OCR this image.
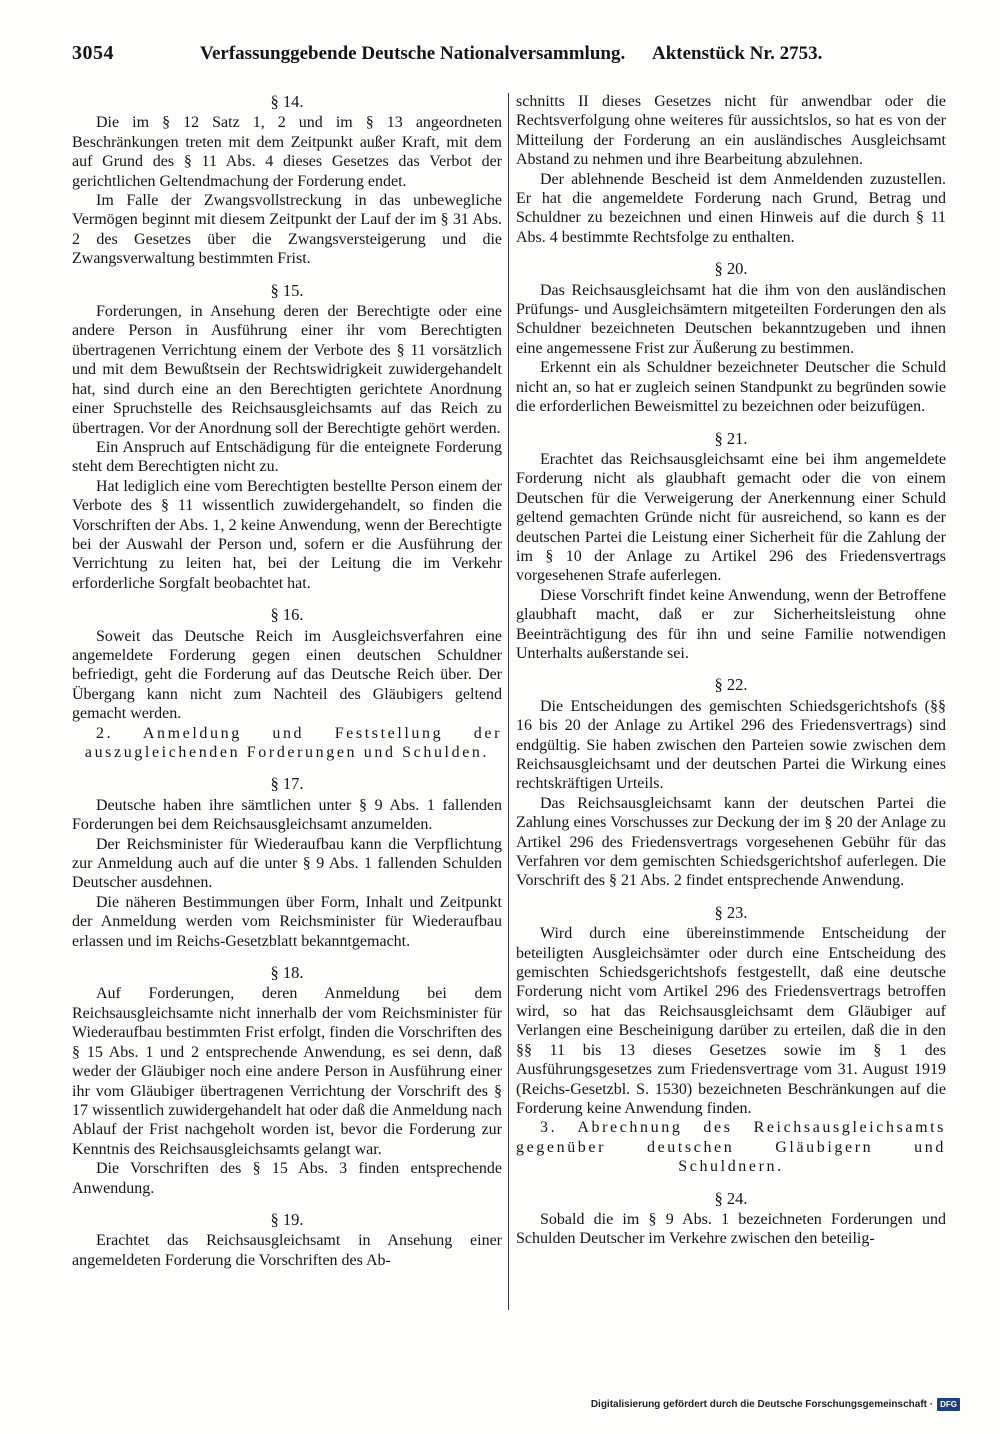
3054	Verfassunggebende Deutsche Nationalversammlung. Aktenstück Nr. 2753.
§ 14.

Die im § 12 Satz 1, 2 und im § 13 angeordneten Beschränkungen treten mit dem Zeitpunkt außer Kraft, mit dem auf Grund des § 11 Abs. 4 dieses Gesetzes das Verbot der gerichtlichen Geltendmachung der Forderung endet.

Im Falle der Zwangsvollstreckung in das unbewegliche Vermögen beginnt mit diesem Zeitpunkt der Lauf der im § 31 Abs. 2 des Gesetzes über die Zwangsversteigerung und die Zwangsverwaltung bestimmten Frist.

§ 15.

Forderungen, in Ansehung deren der Berechtigte oder eine andere Person in Ausführung einer ihr vom Berechtigten übertragenen Verrichtung einem der Verbote des § 11 vorsätzlich und mit dem Bewußtsein der Rechtswidrigkeit zuwidergehandelt hat, sind durch eine an den Berechtigten gerichtete Anordnung einer Spruchstelle des Reichsausgleichsamts auf das Reich zu übertragen. Vor der Anordnung soll der Berechtigte gehört werden.

Ein Anspruch auf Entschädigung für die enteignete Forderung steht dem Berechtigten nicht zu.

Hat lediglich eine vom Berechtigten bestellte Person einem der Verbote des § 11 wissentlich zuwidergehandelt, so finden die Vorschriften der Abs. 1, 2 keine Anwendung, wenn der Berechtigte bei der Auswahl der Person und, sofern er die Ausführung der Verrichtung zu leiten hat, bei der Leitung die im Verkehr erforderliche Sorgfalt beobachtet hat.

§ 16.

Soweit das Deutsche Reich im Ausgleichsverfahren eine angemeldete Forderung gegen einen deutschen Schuldner befriedigt, geht die Forderung auf das Deutsche Reich über. Der Übergang kann nicht zum Nachteil des Gläubigers geltend gemacht werden.

2. Anmeldung und Feststellung der auszugleichenden Forderungen und Schulden.

§ 17.

Deutsche haben ihre sämtlichen unter § 9 Abs. 1 fallenden Forderungen bei dem Reichsausgleichsamt anzumelden.

Der Reichsminister für Wiederaufbau kann die Verpflichtung zur Anmeldung auch auf die unter § 9 Abs. 1 fallenden Schulden Deutscher ausdehnen.

Die näheren Bestimmungen über Form, Inhalt und Zeitpunkt der Anmeldung werden vom Reichsminister für Wiederaufbau erlassen und im Reichs-Gesetzblatt bekanntgemacht.

§ 18.

Auf Forderungen, deren Anmeldung bei dem Reichsausgleichsamte nicht innerhalb der vom Reichsminister für Wiederaufbau bestimmten Frist erfolgt, finden die Vorschriften des § 15 Abs. 1 und 2 entsprechende Anwendung, es sei denn, daß weder der Gläubiger noch eine andere Person in Ausführung einer ihr vom Gläubiger übertragenen Verrichtung der Vorschrift des § 17 wissentlich zuwidergehandelt hat oder daß die Anmeldung nach Ablauf der Frist nachgeholt worden ist, bevor die Forderung zur Kenntnis des Reichsausgleichsamts gelangt war.

Die Vorschriften des § 15 Abs. 3 finden entsprechende Anwendung.

§ 19.

Erachtet das Reichsausgleichsamt in Ansehung einer angemeldeten Forderung die Vorschriften des Ab-

schnitts II dieses Gesetzes nicht für anwendbar oder die Rechtsverfolgung ohne weiteres für aussichtslos, so hat es von der Mitteilung der Forderung an ein ausländisches Ausgleichsamt Abstand zu nehmen und ihre Bearbeitung abzulehnen.

Der ablehnende Bescheid ist dem Anmeldenden zuzustellen. Er hat die angemeldete Forderung nach Grund, Betrag und Schuldner zu bezeichnen und einen Hinweis auf die durch § 11 Abs. 4 bestimmte Rechtsfolge zu enthalten.

§ 20.

Das Reichsausgleichsamt hat die ihm von den ausländischen Prüfungs- und Ausgleichsämtern mitgeteilten Forderungen den als Schuldner bezeichneten Deutschen bekanntzugeben und ihnen eine angemessene Frist zur Äußerung zu bestimmen.

Erkennt ein als Schuldner bezeichneter Deutscher die Schuld nicht an, so hat er zugleich seinen Standpunkt zu begründen sowie die erforderlichen Beweismittel zu bezeichnen oder beizufügen.

§ 21.

Erachtet das Reichsausgleichsamt eine bei ihm angemeldete Forderung nicht als glaubhaft gemacht oder die von einem Deutschen für die Verweigerung der Anerkennung einer Schuld geltend gemachten Gründe nicht für ausreichend, so kann es der deutschen Partei die Leistung einer Sicherheit für die Zahlung der im § 10 der Anlage zu Artikel 296 des Friedensvertrags vorgesehenen Strafe auferlegen.

Diese Vorschrift findet keine Anwendung, wenn der Betroffene glaubhaft macht, daß er zur Sicherheitsleistung ohne Beeinträchtigung des für ihn und seine Familie notwendigen Unterhalts außerstande sei.

§ 22.

Die Entscheidungen des gemischten Schiedsgerichtshofs (§§ 16 bis 20 der Anlage zu Artikel 296 des Friedensvertrags) sind endgültig. Sie haben zwischen den Parteien sowie zwischen dem Reichsausgleichsamt und der deutschen Partei die Wirkung eines rechtskräftigen Urteils.

Das Reichsausgleichsamt kann der deutschen Partei die Zahlung eines Vorschusses zur Deckung der im § 20 der Anlage zu Artikel 296 des Friedensvertrags vorgesehenen Gebühr für das Verfahren vor dem gemischten Schiedsgerichtshof auferlegen. Die Vorschrift des § 21 Abs. 2 findet entsprechende Anwendung.

§ 23.

Wird durch eine übereinstimmende Entscheidung der beteiligten Ausgleichsämter oder durch eine Entscheidung des gemischten Schiedsgerichtshofs festgestellt, daß eine deutsche Forderung nicht vom Artikel 296 des Friedensvertrags betroffen wird, so hat das Reichsausgleichsamt dem Gläubiger auf Verlangen eine Bescheinigung darüber zu erteilen, daß die in den §§ 11 bis 13 dieses Gesetzes sowie im § 1 des Ausführungsgesetzes zum Friedensvertrage vom 31. August 1919 (Reichs-Gesetzbl. S. 1530) bezeichneten Beschränkungen auf die Forderung keine Anwendung finden.

3. Abrechnung des Reichsausgleichsamts gegenüber deutschen Gläubigern und Schuldnern.

§ 24.

Sobald die im § 9 Abs. 1 bezeichneten Forderungen und Schulden Deutscher im Verkehre zwischen den beteilig-

Digitalisierung gefördert durch die Deutsche Forschungsgemeinschaft · DFG
